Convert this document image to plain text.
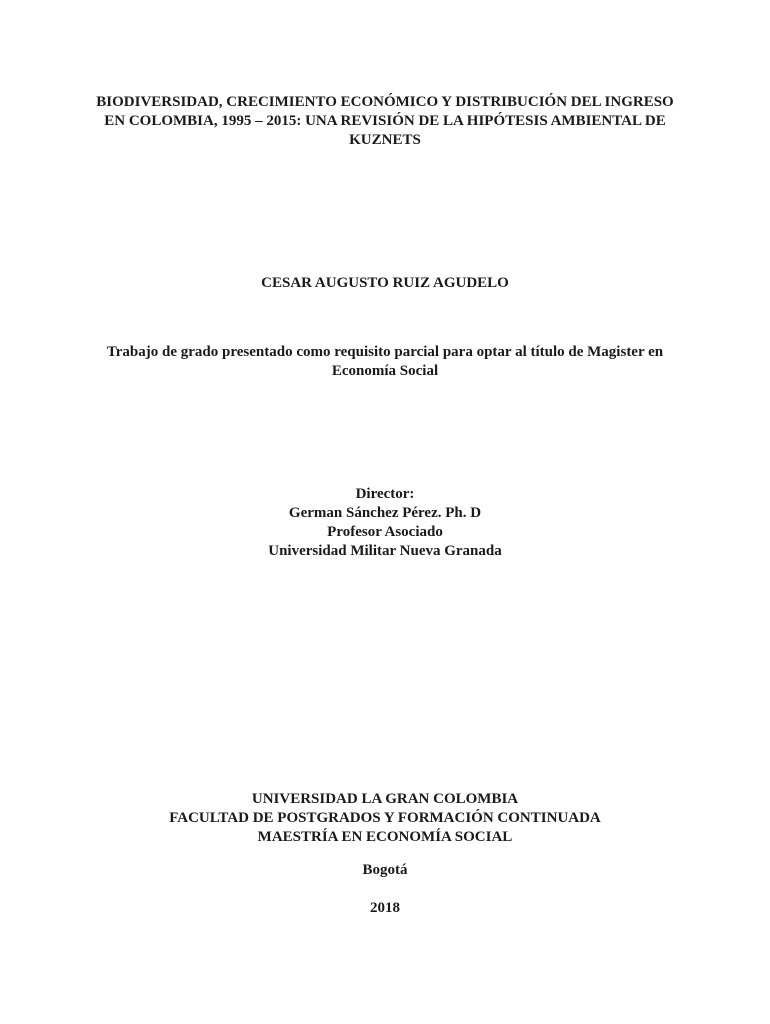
BIODIVERSIDAD, CRECIMIENTO ECONÓMICO Y DISTRIBUCIÓN DEL INGRESO
EN COLOMBIA, 1995 – 2015: UNA REVISIÓN DE LA HIPÓTESIS AMBIENTAL DE
KUZNETS
CESAR AUGUSTO RUIZ AGUDELO
Trabajo de grado presentado como requisito parcial para optar al título de Magister en
Economía Social
Director:
German Sánchez Pérez. Ph. D
Profesor Asociado
Universidad Militar Nueva Granada
UNIVERSIDAD LA GRAN COLOMBIA
FACULTAD DE POSTGRADOS Y FORMACIÓN CONTINUADA
MAESTRÍA EN ECONOMÍA SOCIAL
Bogotá
2018
